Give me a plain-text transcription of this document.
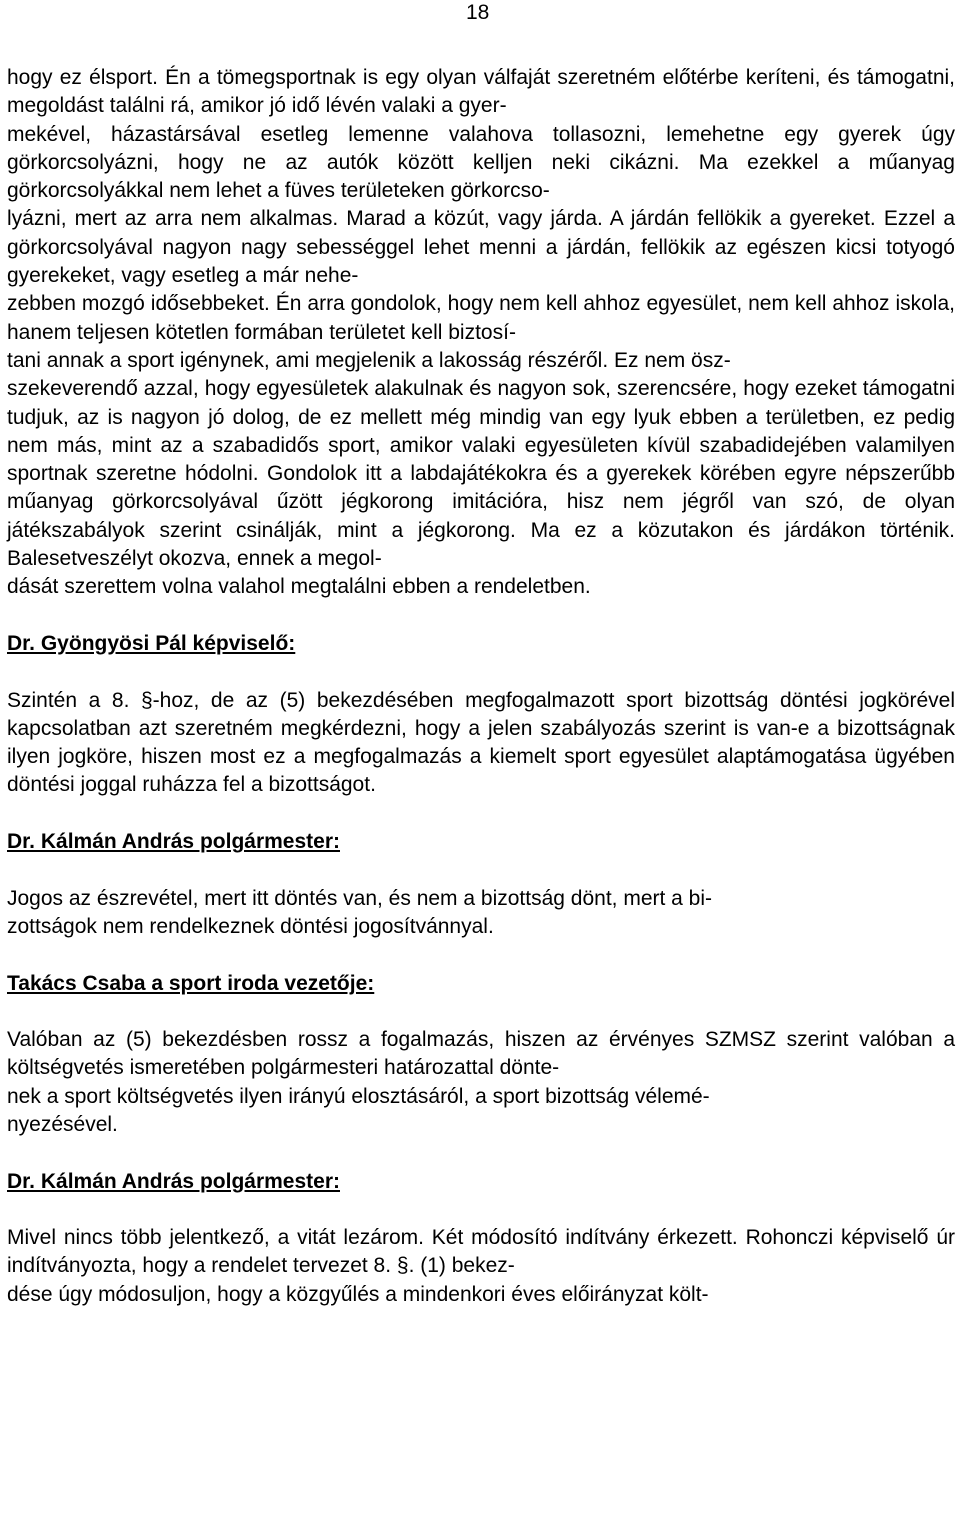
18

hogy ez élsport. Én a tömegsportnak is egy olyan válfaját szeretném előtérbe keríteni, és támogatni, megoldást találni rá, amikor jó idő lévén valaki a gyer-
mekével, házastársával esetleg lemenne valahova tollasozni, lemehetne egy gyerek úgy görkorcsolyázni, hogy ne az autók között kelljen neki cikázni. Ma ezekkel a műanyag görkorcsolyákkal nem lehet a füves területeken görkorcso-
lyázni, mert az arra nem alkalmas. Marad a közút, vagy járda. A járdán fellökik a gyereket. Ezzel a görkorcsolyával nagyon nagy sebességgel lehet menni a járdán, fellökik az egészen kicsi totyogó gyerekeket, vagy esetleg a már nehe-
zebben mozgó idősebbeket. Én arra gondolok, hogy nem kell ahhoz egyesület, nem kell ahhoz iskola, hanem teljesen kötetlen formában területet kell biztosí-
tani annak a sport igénynek, ami megjelenik a lakosság részéről. Ez nem ösz-
szekeverendő azzal, hogy egyesületek alakulnak és nagyon sok, szerencsére, hogy ezeket támogatni tudjuk, az is nagyon jó dolog, de ez mellett még mindig van egy lyuk ebben a területben, ez pedig nem más, mint az a szabadidős sport, amikor valaki egyesületen kívül szabadidejében valamilyen sportnak szeretne hódolni. Gondolok itt a labdajátékokra és a gyerekek körében egyre népszerűbb műanyag görkorcsolyával űzött jégkorong imitációra, hisz nem jégről van szó, de olyan játékszabályok szerint csinálják, mint a jégkorong. Ma ez a közutakon és járdákon történik. Balesetveszélyt okozva, ennek a megol-
dását szerettem volna valahol megtalálni ebben a rendeletben.

Dr. Gyöngyösi Pál képviselő:

Szintén a 8. §-hoz, de az (5) bekezdésében megfogalmazott sport bizottság döntési jogkörével kapcsolatban azt szeretném megkérdezni, hogy a jelen szabályozás szerint is van-e a bizottságnak ilyen jogköre, hiszen most ez a megfogalmazás a kiemelt sport egyesület alaptámogatása ügyében döntési joggal ruházza fel a bizottságot.

Dr. Kálmán András polgármester:

Jogos az észrevétel, mert itt döntés van, és nem a bizottság dönt, mert a bi-
zottságok nem rendelkeznek döntési jogosítvánnyal.

Takács Csaba a sport iroda vezetője:

Valóban az (5) bekezdésben rossz a fogalmazás, hiszen az érvényes SZMSZ szerint valóban a költségvetés ismeretében polgármesteri határozattal dönte-
nek a sport költségvetés ilyen irányú elosztásáról, a sport bizottság vélemé-
nyezésével.

Dr. Kálmán András polgármester:

Mivel nincs több jelentkező, a vitát lezárom. Két módosító indítvány érkezett. Rohonczi képviselő úr indítványozta, hogy a rendelet tervezet 8. §. (1) bekez-
dése úgy módosuljon, hogy a közgyűlés a mindenkori éves előirányzat költ-
